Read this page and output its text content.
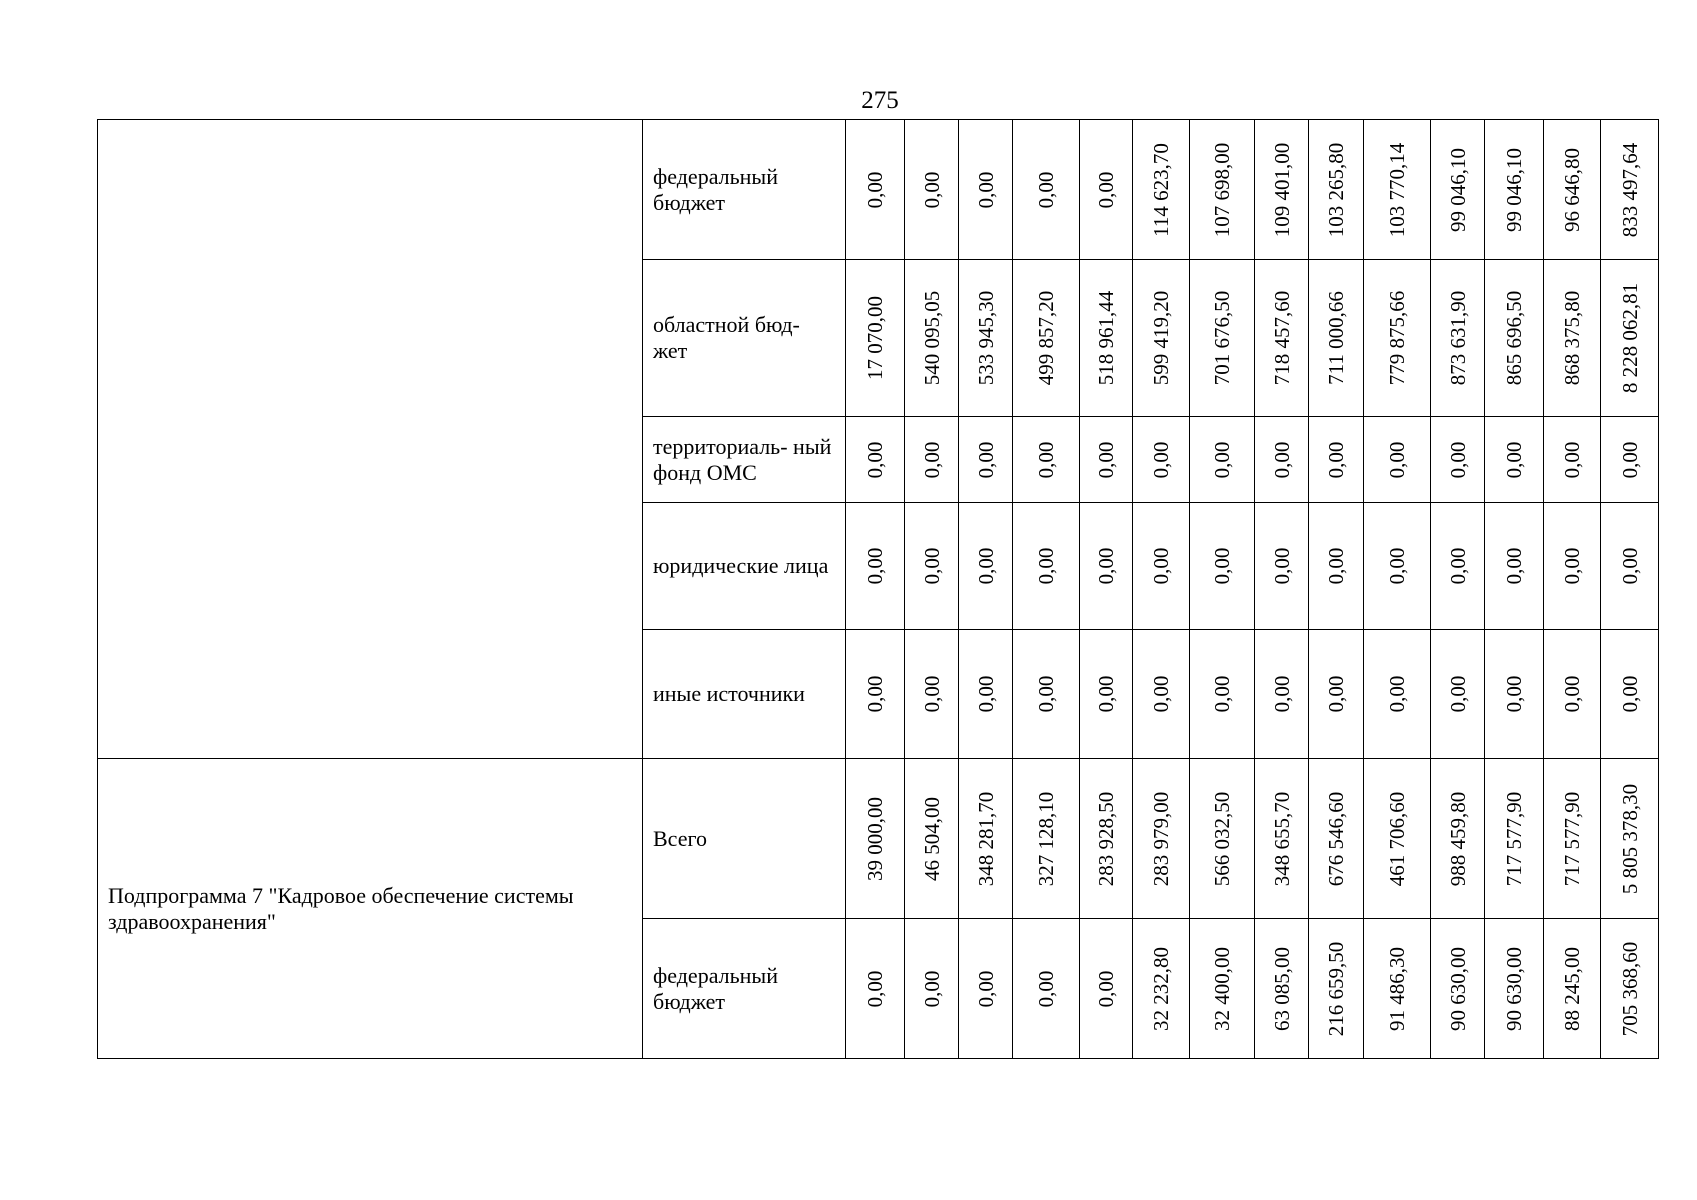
275
	федеральный бюджет	0,00	0,00	0,00	0,00	0,00	114 623,70	107 698,00	109 401,00	103 265,80	103 770,14	99 046,10	99 046,10	96 646,80	833 497,64

	областной бюд- жет	17 070,00	540 095,05	533 945,30	499 857,20	518 961,44	599 419,20	701 676,50	718 457,60	711 000,66	779 875,66	873 631,90	865 696,50	868 375,80	8 228 062,81

	территориаль- ный фонд ОМС	0,00	0,00	0,00	0,00	0,00	0,00	0,00	0,00	0,00	0,00	0,00	0,00	0,00	0,00

	юридические лица	0,00	0,00	0,00	0,00	0,00	0,00	0,00	0,00	0,00	0,00	0,00	0,00	0,00	0,00

	иные источники	0,00	0,00	0,00	0,00	0,00	0,00	0,00	0,00	0,00	0,00	0,00	0,00	0,00	0,00

Подпрограмма 7 "Кадровое обеспечение системы здравоохранения"	Всего	39 000,00	46 504,00	348 281,70	327 128,10	283 928,50	283 979,00	566 032,50	348 655,70	676 546,60	461 706,60	988 459,80	717 577,90	717 577,90	5 805 378,30

	федеральный бюджет	0,00	0,00	0,00	0,00	0,00	32 232,80	32 400,00	63 085,00	216 659,50	91 486,30	90 630,00	90 630,00	88 245,00	705 368,60
